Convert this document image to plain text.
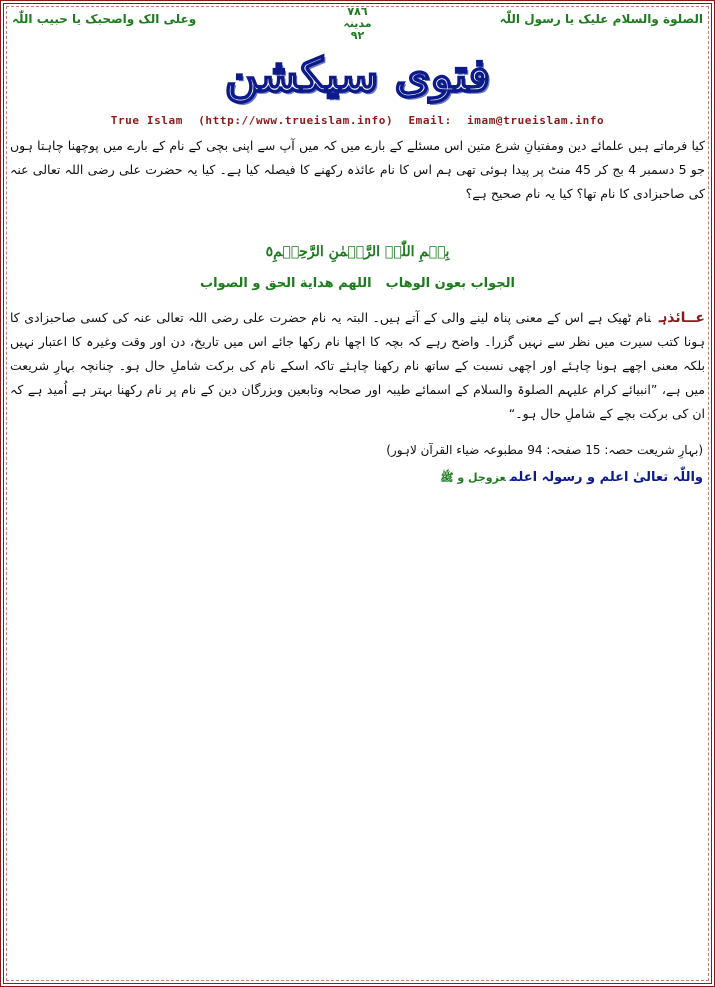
الصلوة والسلام علیک یا رسول اللّٰہ
٧٨٦
مدینہ
٩٢
وعلی الک واصحبک یا حبیب اللّٰہ
فتوی سیکشن
True Islam (http://www.trueislam.info) Email: imam@trueislam.info
کیا فرماتے ہیں علمائے دین ومفتیانِ شرع متین اس مسئلے کے بارے میں کہ میں آپ سے اپنی بچی کے نام کے بارے میں پوچھنا چاہتا ہوں جو 5 دسمبر 4 بج کر 45 منٹ پر پیدا ہوئی تھی ہم اس کا نام عائذہ رکھنے کا فیصلہ کیا ہے۔ کیا یہ حضرت علی رضی اللہ تعالی عنہ کی صاحبزادی کا نام تھا؟ کیا یہ نام صحیح ہے؟
بِسۡمِ اللّٰہِ الرَّحۡمٰنِ الرَّحِیۡمِ٥
الجواب بعون الوهاباللهم هداية الحق و الصواب
عــائذہنام ٹھیک ہے اس کے معنی پناہ لینے والی کے آتے ہیں۔ البتہ یہ نام حضرت علی رضی اللہ تعالی عنہ کی کسی صاحبزادی کا ہونا کتب سیرت میں نظر سے نہیں گزرا۔ واضح رہے کہ بچہ کا اچھا نام رکھا جائے اس میں تاریخ، دن اور وقت وغیرہ کا اعتبار نہیں بلکہ معنی اچھے ہونا چاہئے اور اچھی نسبت کے ساتھ نام رکھنا چاہئے تاکہ اسکے نام کی برکت شاملِ حال ہو۔ چنانچہ بہارِ شریعت میں ہے، ”انبیائے کرام علیہم الصلوۃ والسلام کے اسمائے طیبہ اور صحابہ وتابعین وبزرگان دین کے نام پر نام رکھنا بہتر ہے اُمید ہے کہ ان کی برکت بچے کے شاملِ حال ہو۔“
(بہارِ شریعت حصہ: 15 صفحہ: 94 مطبوعہ ضیاء القرآن لاہور)
واللّٰہ تعالیٰ اعلم و رسولہ اعلمعزوجل و ﷺ
